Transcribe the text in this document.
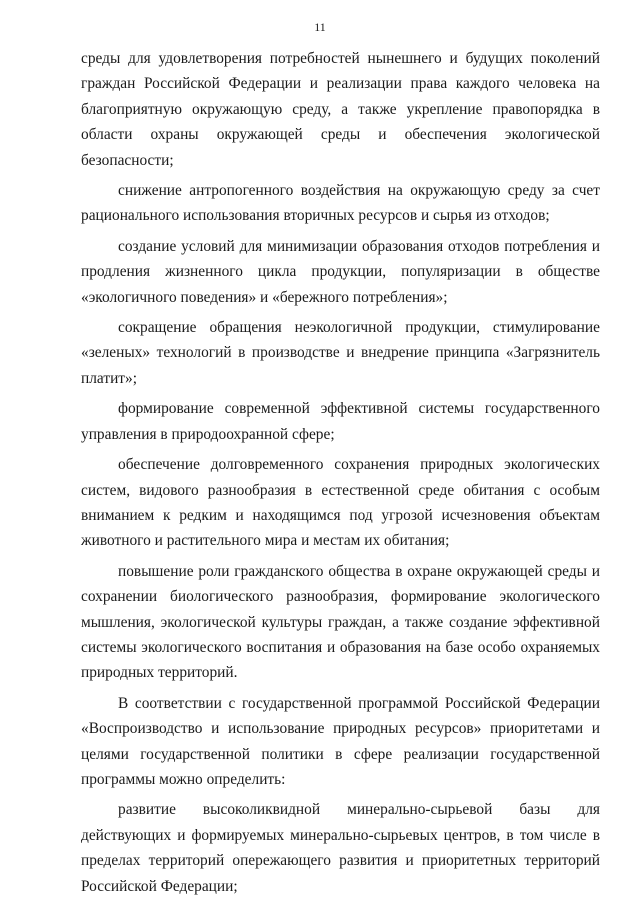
11

среды для удовлетворения потребностей нынешнего и будущих поколений граждан Российской Федерации и реализации права каждого человека на благоприятную окружающую среду, а также укрепление правопорядка в области охраны окружающей среды и обеспечения экологической безопасности;

снижение антропогенного воздействия на окружающую среду за счет рационального использования вторичных ресурсов и сырья из отходов;

создание условий для минимизации образования отходов потребления и продления жизненного цикла продукции, популяризации в обществе «экологичного поведения» и «бережного потребления»;

сокращение обращения неэкологичной продукции, стимулирование «зеленых» технологий в производстве и внедрение принципа «Загрязнитель платит»;

формирование современной эффективной системы государственного управления в природоохранной сфере;

обеспечение долговременного сохранения природных экологических систем, видового разнообразия в естественной среде обитания с особым вниманием к редким и находящимся под угрозой исчезновения объектам животного и растительного мира и местам их обитания;

повышение роли гражданского общества в охране окружающей среды и сохранении биологического разнообразия, формирование экологического мышления, экологической культуры граждан, а также создание эффективной системы экологического воспитания и образования на базе особо охраняемых природных территорий.

В соответствии с государственной программой Российской Федерации «Воспроизводство и использование природных ресурсов» приоритетами и целями государственной политики в сфере реализации государственной программы можно определить:

развитие высоколиквидной минерально-сырьевой базы для действующих и формируемых минерально-сырьевых центров, в том числе в пределах территорий опережающего развития и приоритетных территорий Российской Федерации;
